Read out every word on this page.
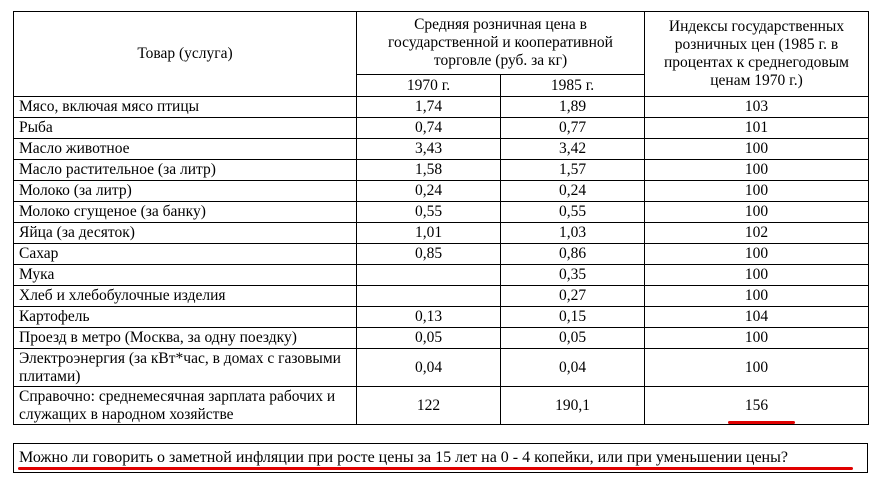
Товар (услуга)	Средняя розничная цена в государственной и кооперативной торговле (руб. за кг)		Индексы государственных розничных цен (1985 г. в процентах к среднегодовым ценам 1970 г.)
	1970 г.	1985 г.	
Мясо, включая мясо птицы	1,74	1,89	103
Рыба	0,74	0,77	101
Масло животное	3,43	3,42	100
Масло растительное (за литр)	1,58	1,57	100
Молоко (за литр)	0,24	0,24	100
Молоко сгущеное (за банку)	0,55	0,55	100
Яйца (за десяток)	1,01	1,03	102
Сахар	0,85	0,86	100
Мука		0,35	100
Хлеб и хлебобулочные изделия		0,27	100
Картофель	0,13	0,15	104
Проезд в метро (Москва, за одну поездку)	0,05	0,05	100
Электроэнергия (за кВт*час, в домах с газовыми плитами)	0,04	0,04	100
Справочно: среднемесячная зарплата рабочих и служащих в народном хозяйстве	122	190,1	156
Можно ли говорить о заметной инфляции при росте цены за 15 лет на 0 - 4 копейки, или при уменьшении цены?
